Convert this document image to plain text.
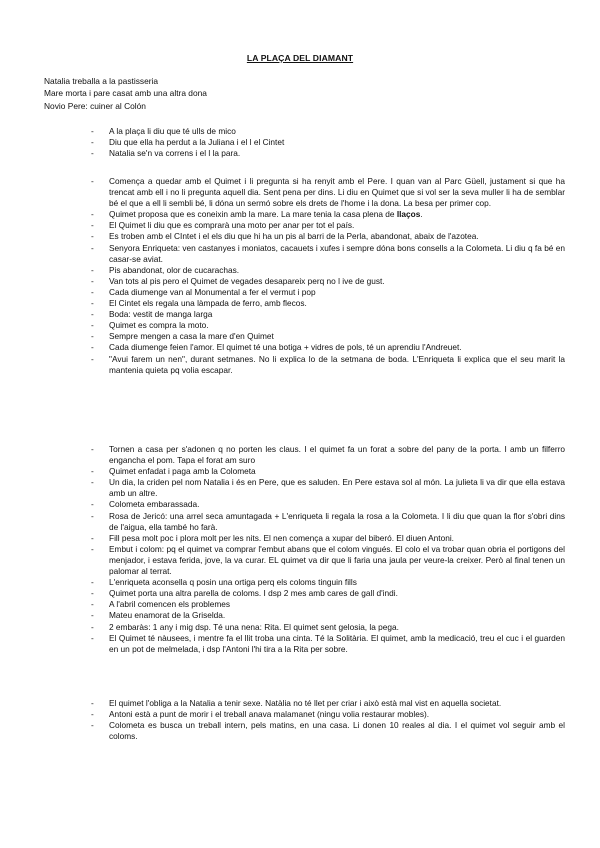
LA PLAÇA DEL DIAMANT
Natalia treballa a la pastisseria
Mare morta i pare casat amb una altra dona
Novio Pere: cuiner al Colón
- A la plaça li diu que té ulls de mico
- Diu que ella ha perdut a la Juliana i el l el Cintet
- Natalia se'n va correns i el l la para.
- Comença a quedar amb el Quimet i li pregunta si ha renyit amb el Pere. I quan van al Parc Güell, justament si que ha trencat amb ell i no li pregunta aquell dia. Sent pena per dins. Li diu en Quimet que si vol ser la seva muller li ha de semblar bé el que a ell li sembli bé, li dóna un sermó sobre els drets de l'home i la dona. La besa per primer cop.
- Quimet proposa que es coneixin amb la mare. La mare tenia la casa plena de llaços.
- El Quimet li diu que es comprarà una moto per anar per tot el país.
- Es troben amb el CIntet i el els diu que hi ha un pis al barri de la Perla, abandonat, abaix de l'azotea.
- Senyora Enriqueta: ven castanyes i moniatos, cacauets i xufes i sempre dóna bons consells a la Colometa. Li diu q fa bé en casar-se aviat.
- Pis abandonat, olor de cucarachas.
- Van tots al pis pero el Quimet de vegades desapareix perq no l ive de gust.
- Cada diumenge van al Monumental a fer el vermut i pop
- El Cintet els regala una làmpada de ferro, amb flecos.
- Boda: vestit de manga larga
- Quimet es compra la moto.
- Sempre mengen a casa la mare d'en Quimet
- Cada diumenge feien l'amor. El quimet té una botiga + vidres de pols, té un aprendiu l'Andreuet.
- "Avui farem un nen", durant setmanes. No li explica lo de la setmana de boda. L'Enriqueta li explica que el seu marit la mantenia quieta pq volia escapar.
- Tornen a casa per s'adonen q no porten les claus. I el quimet fa un forat a sobre del pany de la porta. I amb un filferro engancha el pom. Tapa el forat am suro
- Quimet enfadat i paga amb la Colometa
- Un dia, la criden pel nom Natalia i és en Pere, que es saluden. En Pere estava sol al món. La julieta li va dir que ella estava amb un altre.
- Colometa embarassada.
- Rosa de Jericó: una arrel seca amuntagada + L'enriqueta li regala la rosa a la Colometa. I li diu que quan la flor s'obri dins de l'aigua, ella també ho farà.
- Fill pesa molt poc i plora molt per les nits. El nen comença a xupar del biberó. El diuen Antoni.
- Embut i colom: pq el quimet va comprar l'embut abans que el colom vingués. El colo el va trobar quan obria el portigons del menjador, i estava ferida, jove, la va curar. EL quimet va dir que li faria una jaula per veure-la creixer. Però al final tenen un palomar al terrat.
- L'enriqueta aconsella q posin una ortiga perq els coloms tinguin fills
- Quimet porta una altra parella de coloms. I dsp 2 mes amb cares de gall d'indi.
- A l'abril comencen els problemes
- Mateu enamorat de la Griselda.
- 2 embaràs: 1 any i mig dsp. Té una nena: Rita. El quimet sent gelosia, la pega.
- El Quimet té nàusees, i mentre fa el llit troba una cinta. Té la Solitària. El quimet, amb la medicació, treu el cuc i el guarden en un pot de melmelada, i dsp l'Antoni l'hi tira a la Rita per sobre.
- El quimet l'obliga a la Natalia a tenir sexe. Natàlia no té llet per criar i això està mal vist en aquella societat.
- Antoni està a punt de morir i el treball anava malamanet (ningu volia restaurar mobles).
- Colometa es busca un treball intern, pels matins, en una casa. Li donen 10 reales al dia. I el quimet vol seguir amb el coloms.
